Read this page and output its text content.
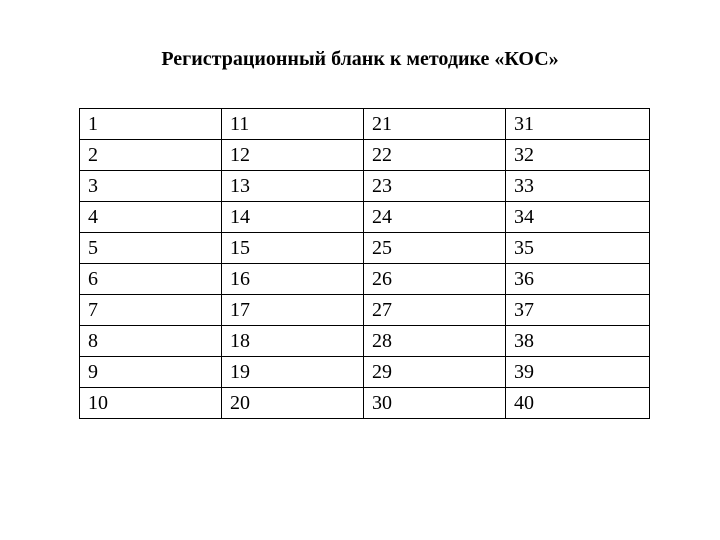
Регистрационный бланк к методике «КОС»
1	11	21	31
2	12	22	32
3	13	23	33
4	14	24	34
5	15	25	35
6	16	26	36
7	17	27	37
8	18	28	38
9	19	29	39
10	20	30	40
